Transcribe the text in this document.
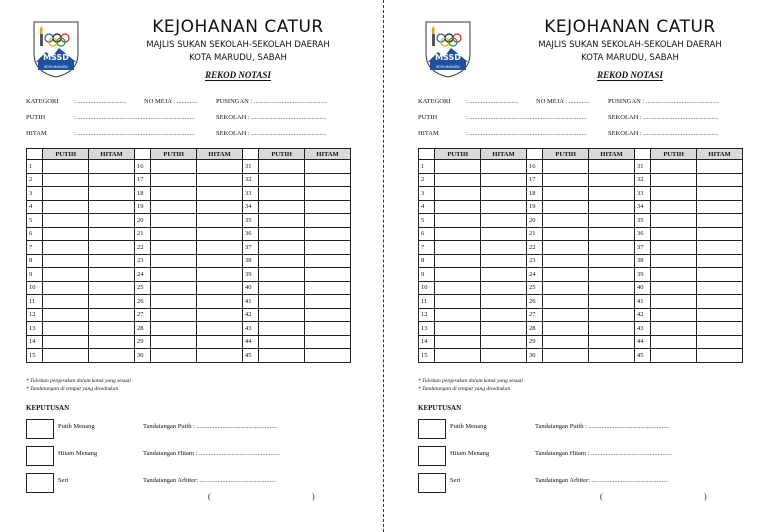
MSSD
KOTA MARUDU
KEJOHANAN CATUR
MAJLIS SUKAN SEKOLAH-SEKOLAH DAERAH
KOTA MARUDU, SABAH
REKOD NOTASI
KATEGORI : ..............................	NO MEJA : .............	PUSINGAN : .............................................
PUTIH	: ........................................................................	SEKOLAH : ..............................................
HITAM	: ........................................................................	SEKOLAH : ..............................................
	PUTIH	HITAM		PUTIH	HITAM		PUTIH	HITAM
1			16			31		
2			17			32		
3			18			33		
4			19			34		
5			20			35		
6			21			36		
7			22			37		
8			23			38		
9			24			39		
10			25			40		
11			26			41		
12			27			42		
13			28			43		
14			29			44		
15			30			45		
* Tuliskan pergerakan dalam kotak yang sesuai
* Tandatangan di tempat yang disediakan
KEPUTUSAN
Putih Menang	Tandatangan Putih : ..................................................
Hitam Menang	Tandatangan Hitam : ..................................................
Seri	Tandatangan Arbiter: ...............................................
(	)
MSSD
KOTA MARUDU
KEJOHANAN CATUR
MAJLIS SUKAN SEKOLAH-SEKOLAH DAERAH
KOTA MARUDU, SABAH
REKOD NOTASI
KATEGORI : ..............................	NO MEJA : .............	PUSINGAN : .............................................
PUTIH	: ........................................................................	SEKOLAH : ..............................................
HITAM	: ........................................................................	SEKOLAH : ..............................................
	PUTIH	HITAM		PUTIH	HITAM		PUTIH	HITAM
1			16			31		
2			17			32		
3			18			33		
4			19			34		
5			20			35		
6			21			36		
7			22			37		
8			23			38		
9			24			39		
10			25			40		
11			26			41		
12			27			42		
13			28			43		
14			29			44		
15			30			45		
* Tuliskan pergerakan dalam kotak yang sesuai
* Tandatangan di tempat yang disediakan
KEPUTUSAN
Putih Menang	Tandatangan Putih : ..................................................
Hitam Menang	Tandatangan Hitam : ..................................................
Seri	Tandatangan Arbiter: ...............................................
(	)
